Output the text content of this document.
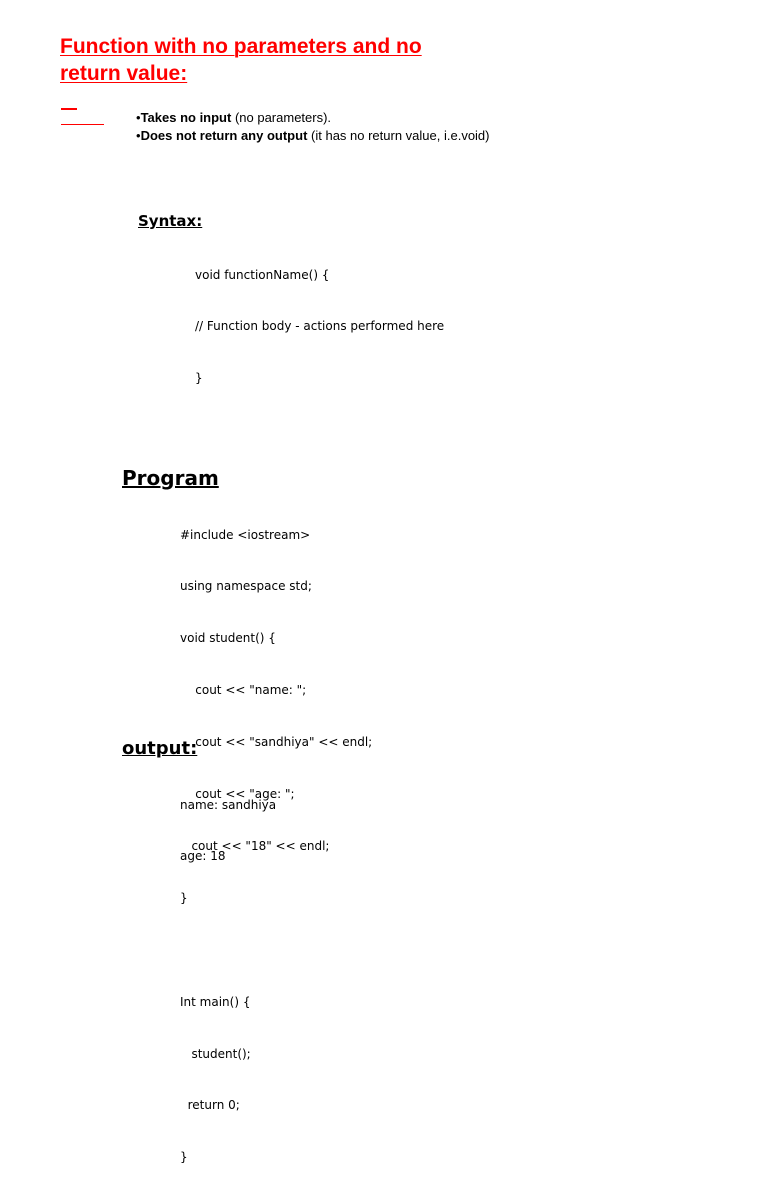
Function with no parameters and no return value:
•Takes no input (no parameters).
•Does not return any output (it has no return value, i.e.void)
Syntax:

void functionName() {

// Function body - actions performed here

}

Program

#include <iostream>

using namespace std;

void student() {

cout << "name: ";

cout << "sandhiya" << endl;

cout << "age: ";

cout << "18" << endl;

}

Int main() {

student();

return 0;

}

output:

name: sandhiya

age: 18
